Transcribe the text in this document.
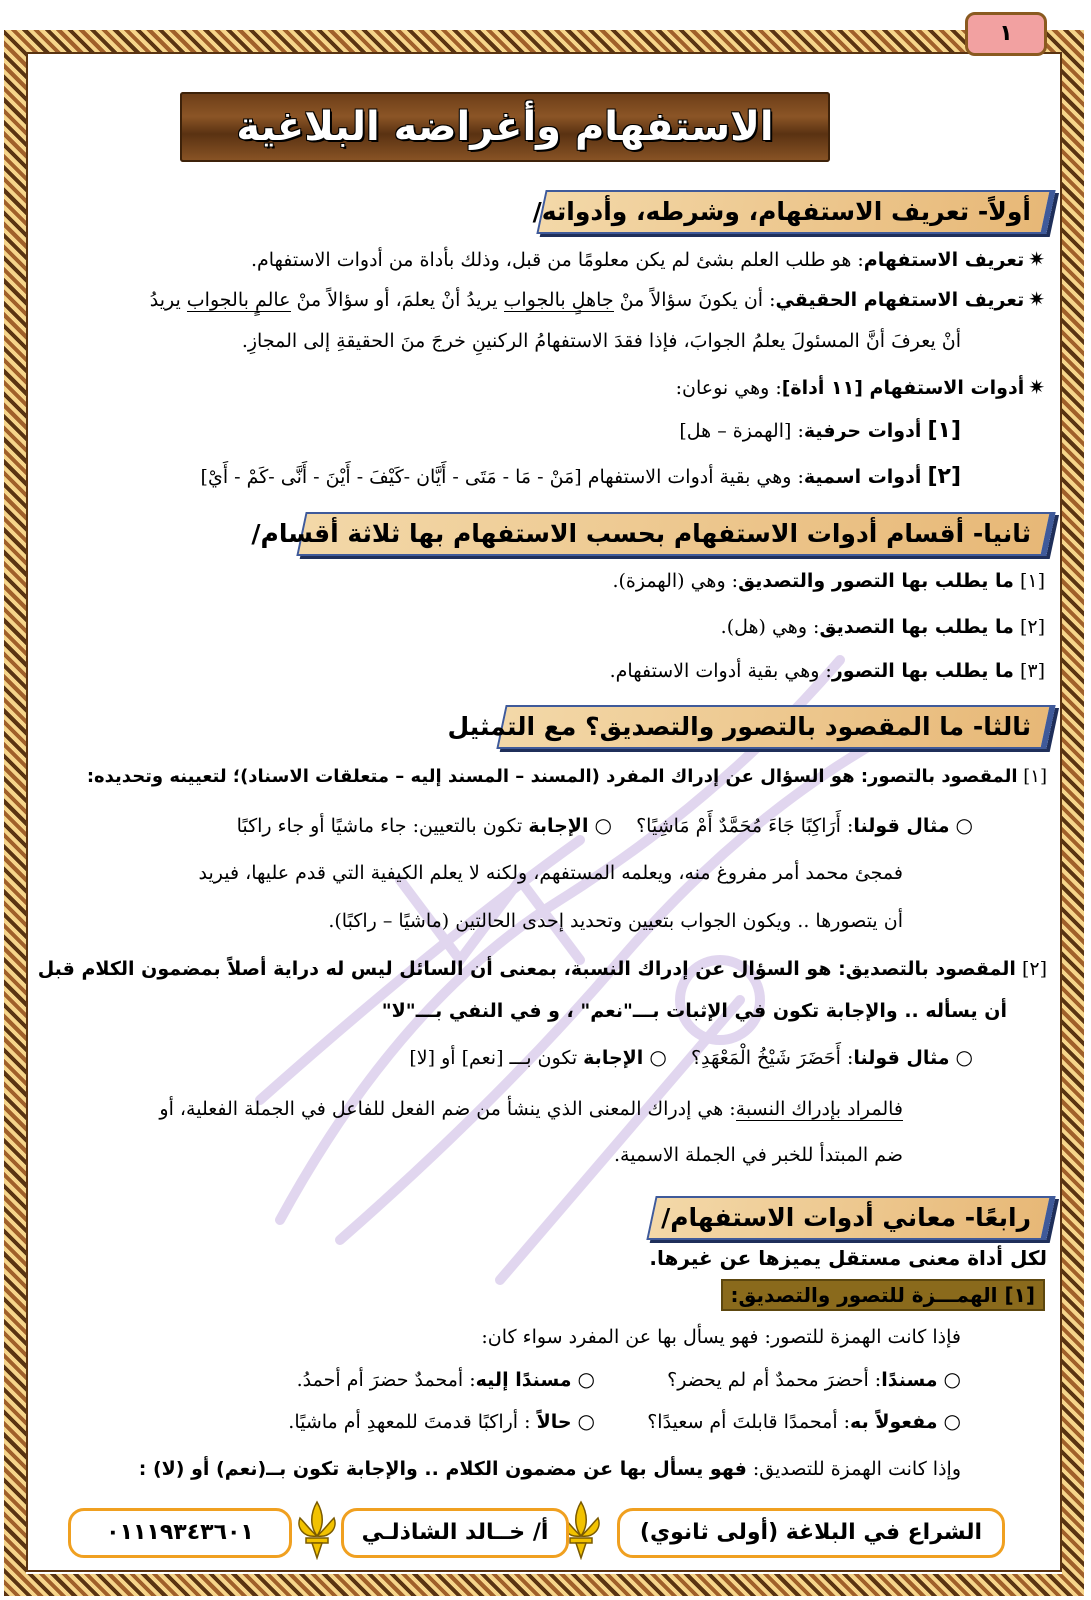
١
الاستفهام وأغراضه البلاغية
أولاً- تعريف الاستفهام، وشرطه، وأدواته/
✷تعريف الاستفهام: هو طلب العلم بشئ لم يكن معلومًا من قبل، وذلك بأداة من أدوات الاستفهام.
✷تعريف الاستفهام الحقيقي: أن يكونَ سؤالاً منْ جاهلٍ بالجواب يريدُ أنْ يعلمَ، أو سؤالاً منْ عالمٍ بالجواب يريدُ
أنْ يعرفَ أنَّ المسئولَ يعلمُ الجوابَ، فإذا فقدَ الاستفهامُ الركنينِ خرجَ منَ الحقيقةِ إلى المجازِ.
✷أدوات الاستفهام [١١ أداة]: وهي نوعان:
[١] أدوات حرفية: [الهمزة – هل]
[٢] أدوات اسمية: وهي بقية أدوات الاستفهام [مَنْ - مَا - مَتَى - أَيَّان -كَيْفَ - أَيْنَ - أَنَّى -كَمْ - أَيْ]
ثانيا- أقسام أدوات الاستفهام بحسب الاستفهام بها ثلاثة أقسام/
[١] ما يطلب بها التصور والتصديق: وهي (الهمزة).
[٢] ما يطلب بها التصديق: وهي (هل).
[٣] ما يطلب بها التصور: وهي بقية أدوات الاستفهام.
ثالثا- ما المقصود بالتصور والتصديق؟ مع التمثيل
[١] المقصود بالتصور: هو السؤال عن إدراك المفرد (المسند – المسند إليه – متعلقات الاسناد)؛ لتعيينه وتحديده:
○مثال قولنا: أَرَاكِبًا جَاءَ مُحَمَّدٌ أَمْ مَاشِيًا؟    ○الإجابة تكون بالتعيين: جاء ماشيًا أو جاء راكبًا
فمجئ محمد أمر مفروغ منه، ويعلمه المستفهم، ولكنه لا يعلم الكيفية التي قدم عليها، فيريد
أن يتصورها .. ويكون الجواب بتعيين وتحديد إحدى الحالتين (ماشيًا – راكبًا).
[٢] المقصود بالتصديق: هو السؤال عن إدراك النسبة، بمعنى أن السائل ليس له دراية أصلاً بمضمون الكلام قبل
أن يسأله .. والإجابة تكون في الإثبات بـــ"نعم" ، و في النفي بـــ"لا"
○مثال قولنا: أَحَضَرَ شَيْخُ الْمَعْهَدِ؟    ○الإجابة تكون بـــ [نعم] أو [لا]
فالمراد بإدراك النسبة: هي إدراك المعنى الذي ينشأ من ضم الفعل للفاعل في الجملة الفعلية، أو
ضم المبتدأ للخبر في الجملة الاسمية.
رابعًا- معاني أدوات الاستفهام/
لكل أداة معنى مستقل يميزها عن غيرها.
[١] الهمـــزة للتصور والتصديق:
فإذا كانت الهمزة للتصور: فهو يسأل بها عن المفرد سواء كان:
○مسندًا: أحضرَ محمدٌ أم لم يحضر؟
○مسندًا إليه: أمحمدٌ حضرَ أم أحمدُ.
○مفعولاً به: أمحمدًا قابلتَ أم سعيدًا؟
○حالاً : أراكبًا قدمتَ للمعهدِ أم ماشيًا.
وإذا كانت الهمزة للتصديق: فهو يسأل بها عن مضمون الكلام .. والإجابة تكون بــ(نعم) أو (لا) :
الشراع في البلاغة (أولى ثانوي)
أ/ خــالد الشاذلـي
٠١١١٩٣٤٣٦٠١
